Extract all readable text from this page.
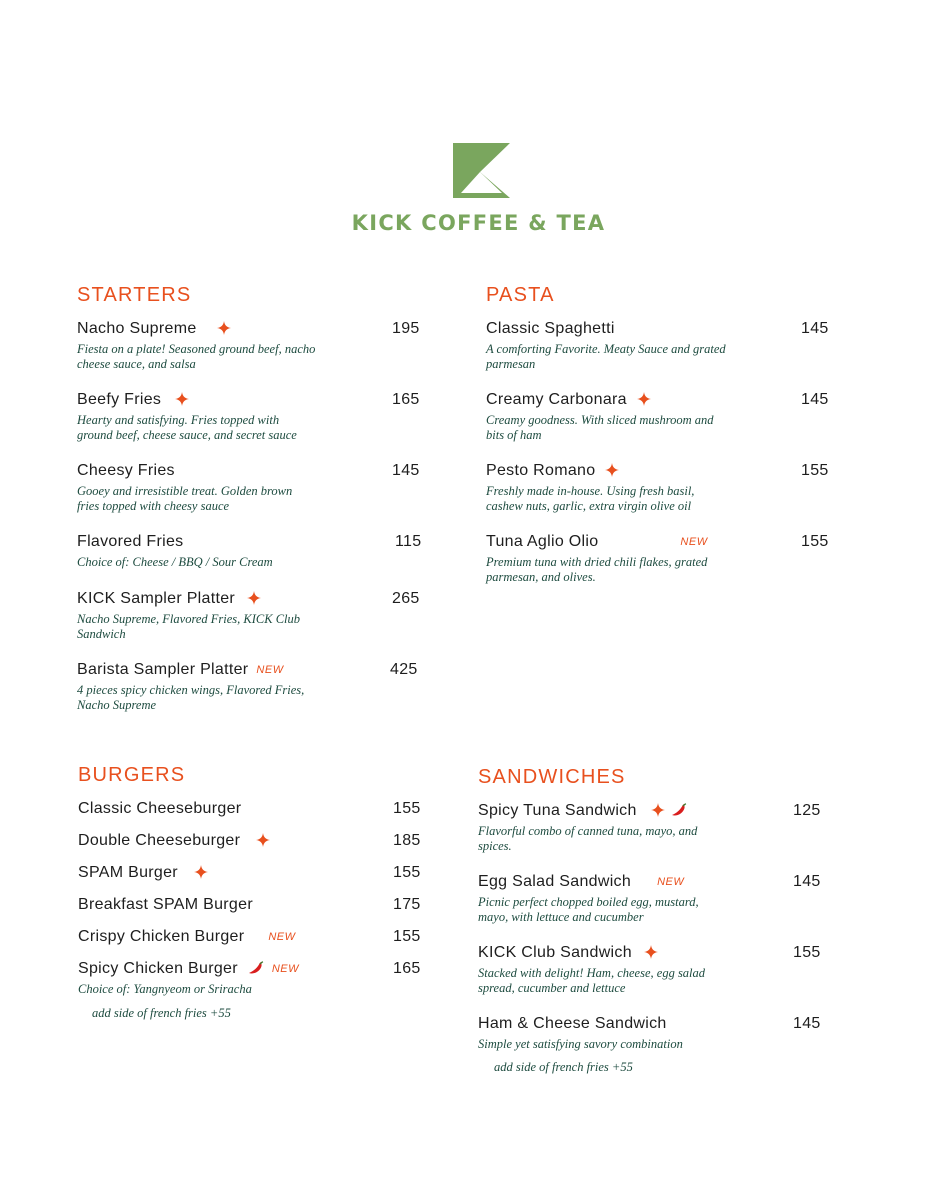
KICK COFFEE & TEA
STARTERS
Nacho Supreme	195
Fiesta on a plate! Seasoned ground beef, nacho cheese sauce, and salsa
Beefy Fries	165
Hearty and satisfying. Fries topped with ground beef, cheese sauce, and secret sauce
Cheesy Fries	145
Gooey and irresistible treat. Golden brown fries topped with cheesy sauce
Flavored Fries	115
Choice of: Cheese / BBQ / Sour Cream
KICK Sampler Platter	265
Nacho Supreme, Flavored Fries, KICK Club Sandwich
Barista Sampler Platter NEW	425
4 pieces spicy chicken wings, Flavored Fries, Nacho Supreme
PASTA
Classic Spaghetti	145
A comforting Favorite. Meaty Sauce and grated parmesan
Creamy Carbonara	145
Creamy goodness. With sliced mushroom and bits of ham
Pesto Romano	155
Freshly made in-house. Using fresh basil, cashew nuts, garlic, extra virgin olive oil
Tuna Aglio Olio	NEW	155
Premium tuna with dried chili flakes, grated parmesan, and olives.
BURGERS
Classic Cheeseburger	155
Double Cheeseburger	185
SPAM Burger	155
Breakfast SPAM Burger	175
Crispy Chicken Burger NEW	155
Spicy Chicken Burger	NEW	165
Choice of: Yangnyeom or Sriracha
add side of french fries +55
SANDWICHES
Spicy Tuna Sandwich	125
Flavorful combo of canned tuna, mayo, and spices.
Egg Salad Sandwich NEW	145
Picnic perfect chopped boiled egg, mustard, mayo, with lettuce and cucumber
KICK Club Sandwich	155
Stacked with delight! Ham, cheese, egg salad spread, cucumber and lettuce
Ham & Cheese Sandwich	145
Simple yet satisfying savory combination
add side of french fries +55
